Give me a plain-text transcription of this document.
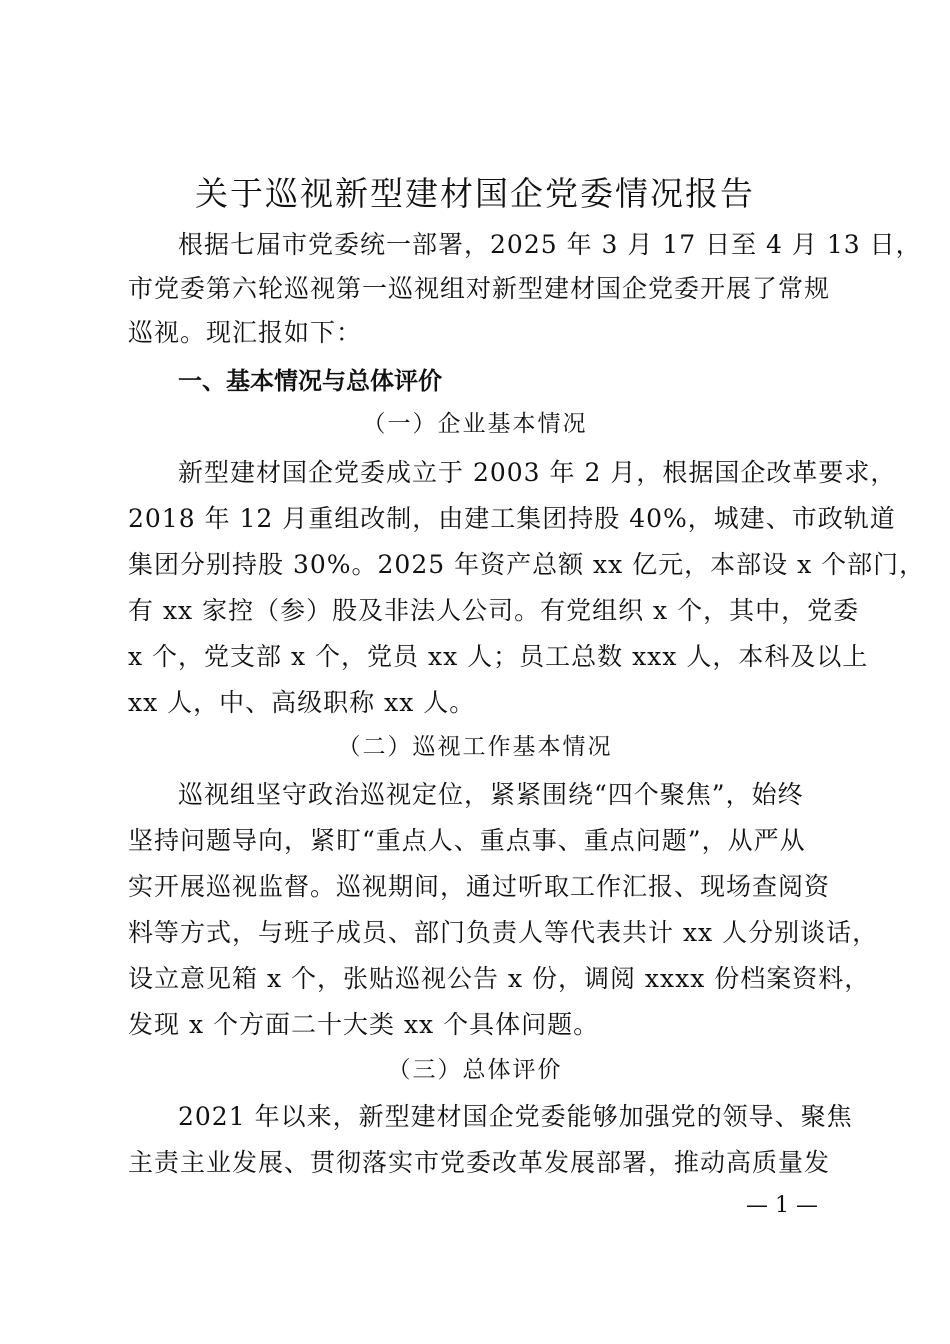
关于巡视新型建材国企党委情况报告
根据七届市党委统一部署，2025 年 3 月 17 日至 4 月 13 日，
市党委第六轮巡视第一巡视组对新型建材国企党委开展了常规
巡视。现汇报如下：
一、基本情况与总体评价
（一）企业基本情况
新型建材国企党委成立于 2003 年 2 月，根据国企改革要求，
2018 年 12 月重组改制，由建工集团持股 40%，城建、市政轨道
集团分别持股 30%。2025 年资产总额 xx 亿元，本部设 x 个部门，
有 xx 家控（参）股及非法人公司。有党组织 x 个，其中，党委
x 个，党支部 x 个，党员 xx 人；员工总数 xxx 人，本科及以上
xx 人，中、高级职称 xx 人。
（二）巡视工作基本情况
巡视组坚守政治巡视定位，紧紧围绕“四个聚焦”，始终
坚持问题导向，紧盯“重点人、重点事、重点问题”，从严从
实开展巡视监督。巡视期间，通过听取工作汇报、现场查阅资
料等方式，与班子成员、部门负责人等代表共计 xx 人分别谈话，
设立意见箱 x 个，张贴巡视公告 x 份，调阅 xxxx 份档案资料，
发现 x 个方面二十大类 xx 个具体问题。
（三）总体评价
2021 年以来，新型建材国企党委能够加强党的领导、聚焦
主责主业发展、贯彻落实市党委改革发展部署，推动高质量发
— 1 —
